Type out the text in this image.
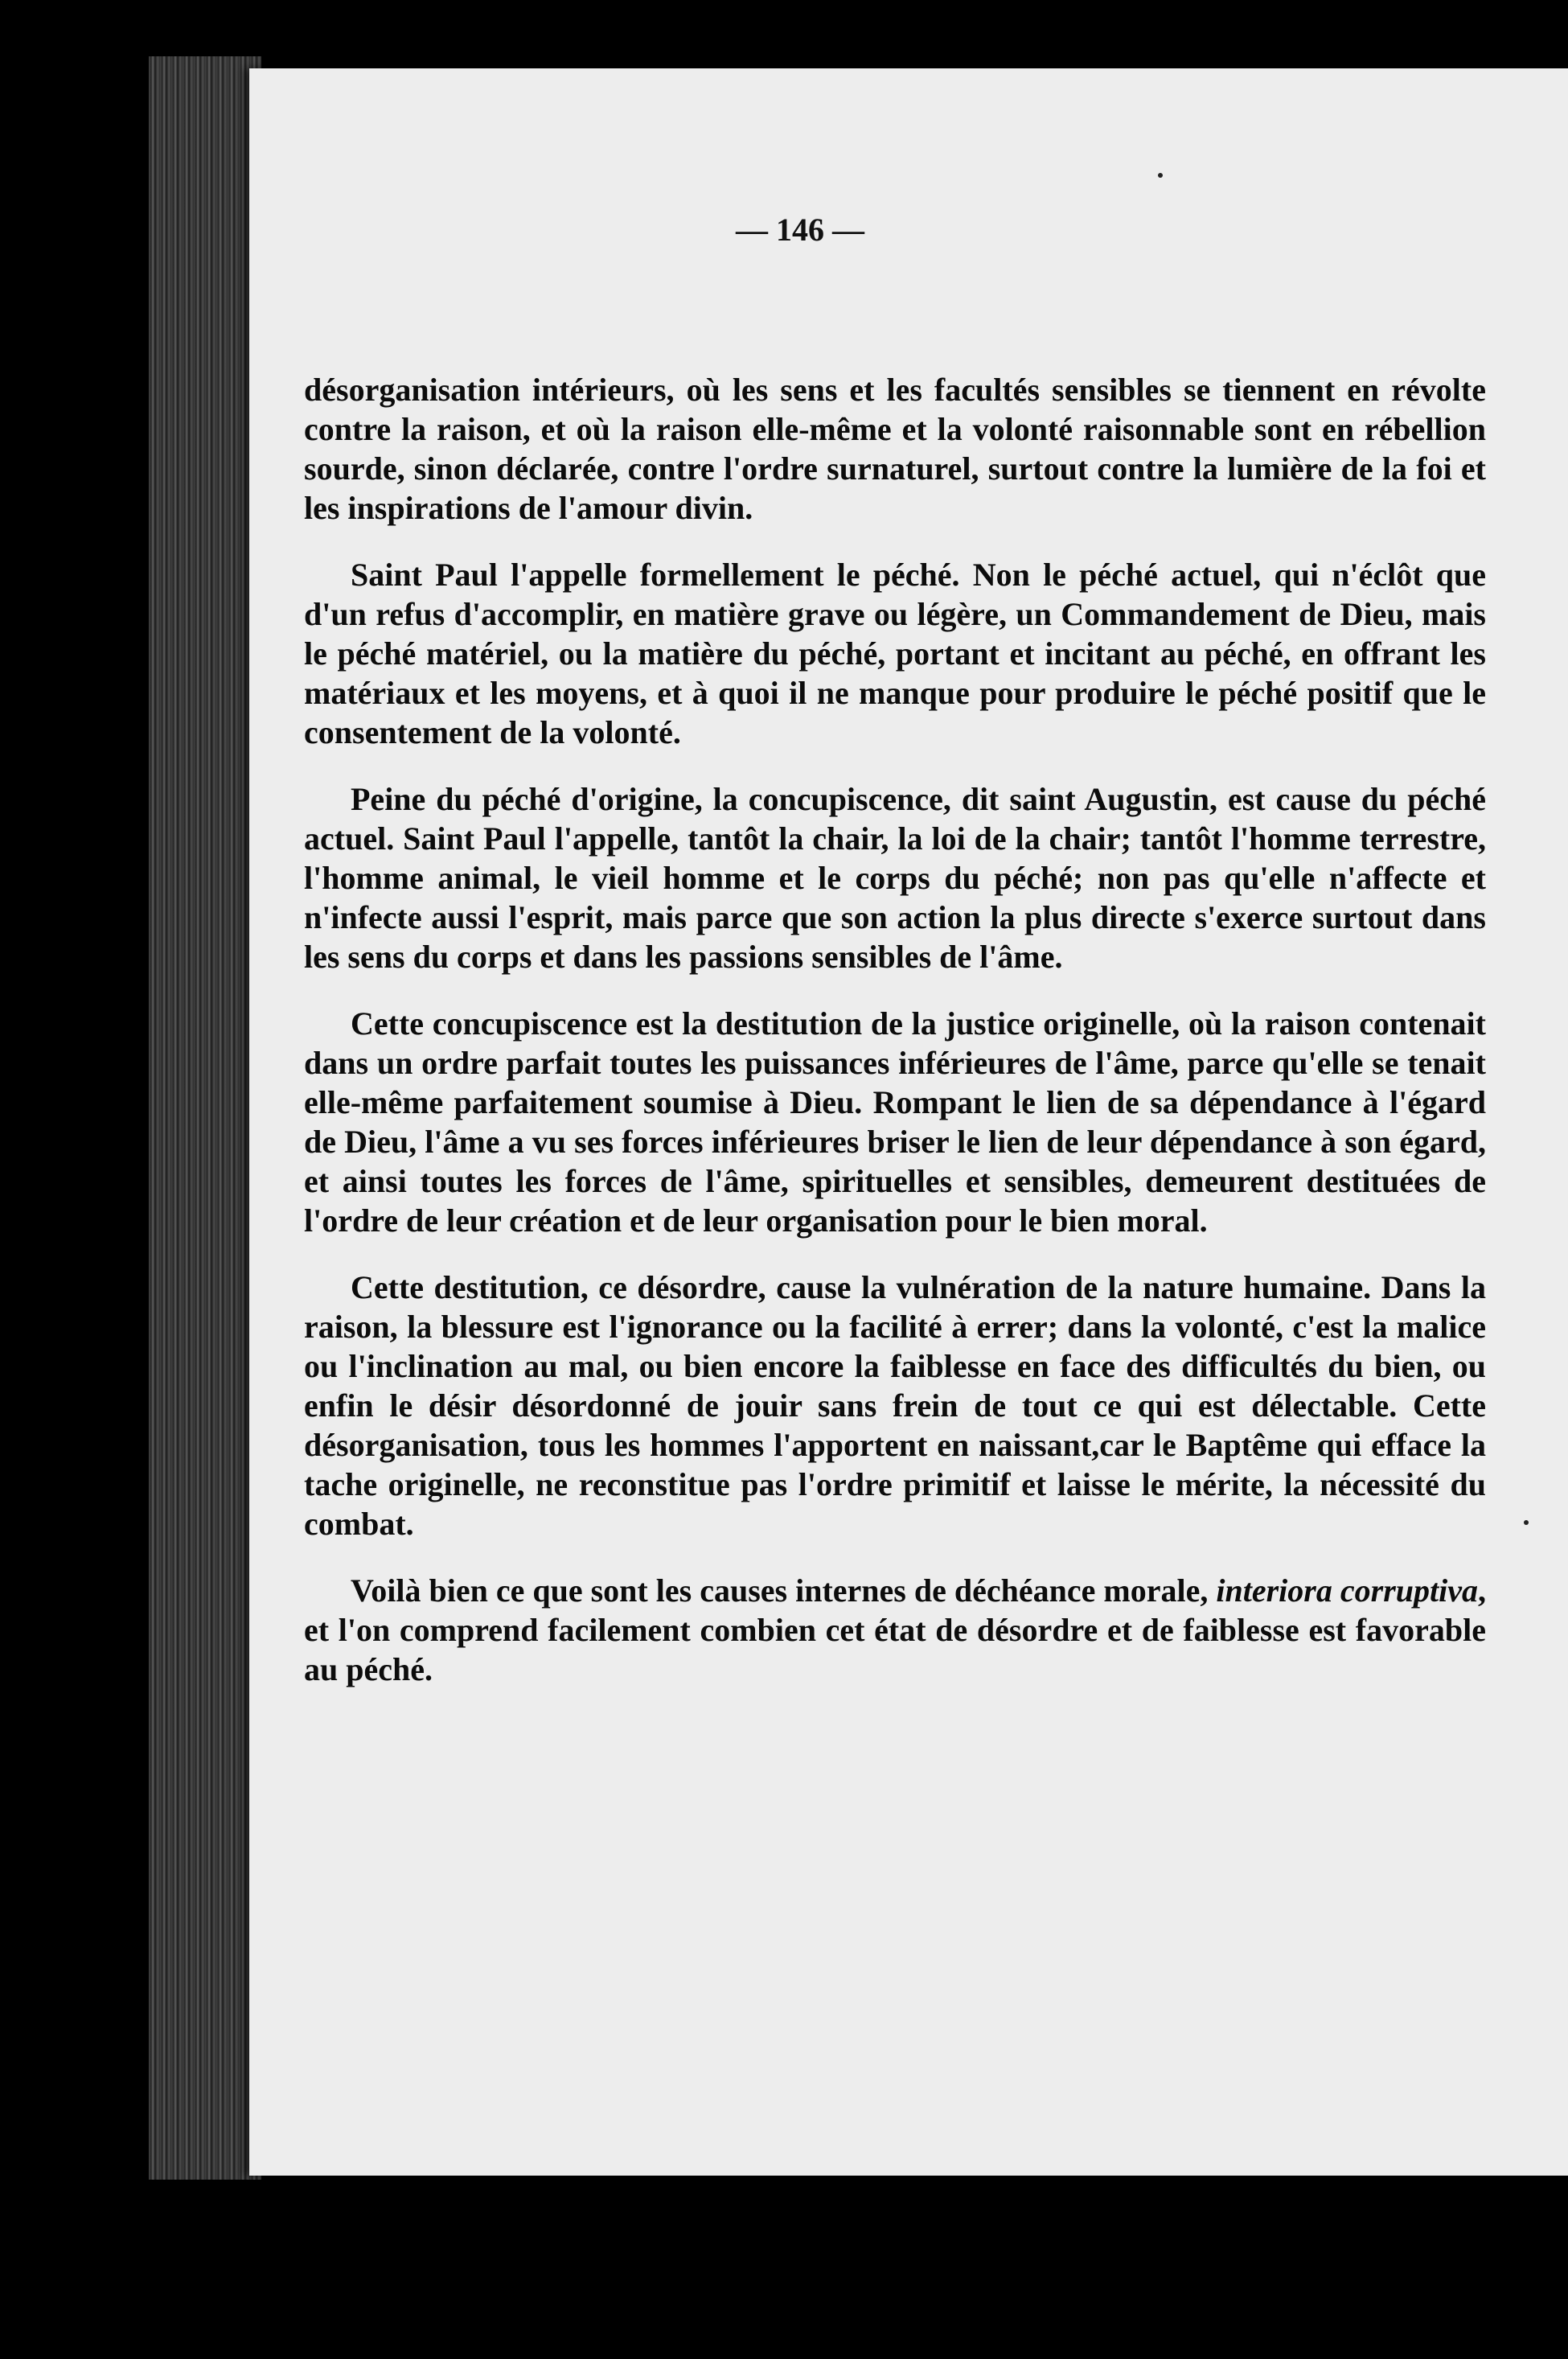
— 146 —

désorganisation intérieurs, où les sens et les facultés sensibles se tiennent en révolte contre la raison, et où la raison elle-même et la volonté raisonnable sont en rébellion sourde, sinon déclarée, contre l'ordre surnaturel, surtout contre la lumière de la foi et les inspirations de l'amour divin.

Saint Paul l'appelle formellement le péché. Non le péché actuel, qui n'éclôt que d'un refus d'accomplir, en matière grave ou légère, un Commandement de Dieu, mais le péché matériel, ou la matière du péché, portant et incitant au péché, en offrant les matériaux et les moyens, et à quoi il ne manque pour produire le péché positif que le consentement de la volonté.

Peine du péché d'origine, la concupiscence, dit saint Augustin, est cause du péché actuel. Saint Paul l'appelle, tantôt la chair, la loi de la chair; tantôt l'homme terrestre, l'homme animal, le vieil homme et le corps du péché; non pas qu'elle n'affecte et n'infecte aussi l'esprit, mais parce que son action la plus directe s'exerce surtout dans les sens du corps et dans les passions sensibles de l'âme.

Cette concupiscence est la destitution de la justice originelle, où la raison contenait dans un ordre parfait toutes les puissances inférieures de l'âme, parce qu'elle se tenait elle-même parfaitement soumise à Dieu. Rompant le lien de sa dépendance à l'égard de Dieu, l'âme a vu ses forces inférieures briser le lien de leur dépendance à son égard, et ainsi toutes les forces de l'âme, spirituelles et sensibles, demeurent destituées de l'ordre de leur création et de leur organisation pour le bien moral.

Cette destitution, ce désordre, cause la vulnération de la nature humaine. Dans la raison, la blessure est l'ignorance ou la facilité à errer; dans la volonté, c'est la malice ou l'inclination au mal, ou bien encore la faiblesse en face des difficultés du bien, ou enfin le désir désordonné de jouir sans frein de tout ce qui est délectable. Cette désorganisation, tous les hommes l'apportent en naissant,car le Baptême qui efface la tache originelle, ne reconstitue pas l'ordre primitif et laisse le mérite, la nécessité du combat.

Voilà bien ce que sont les causes internes de déchéance morale, interiora corruptiva, et l'on comprend facilement combien cet état de désordre et de faiblesse est favorable au péché.
